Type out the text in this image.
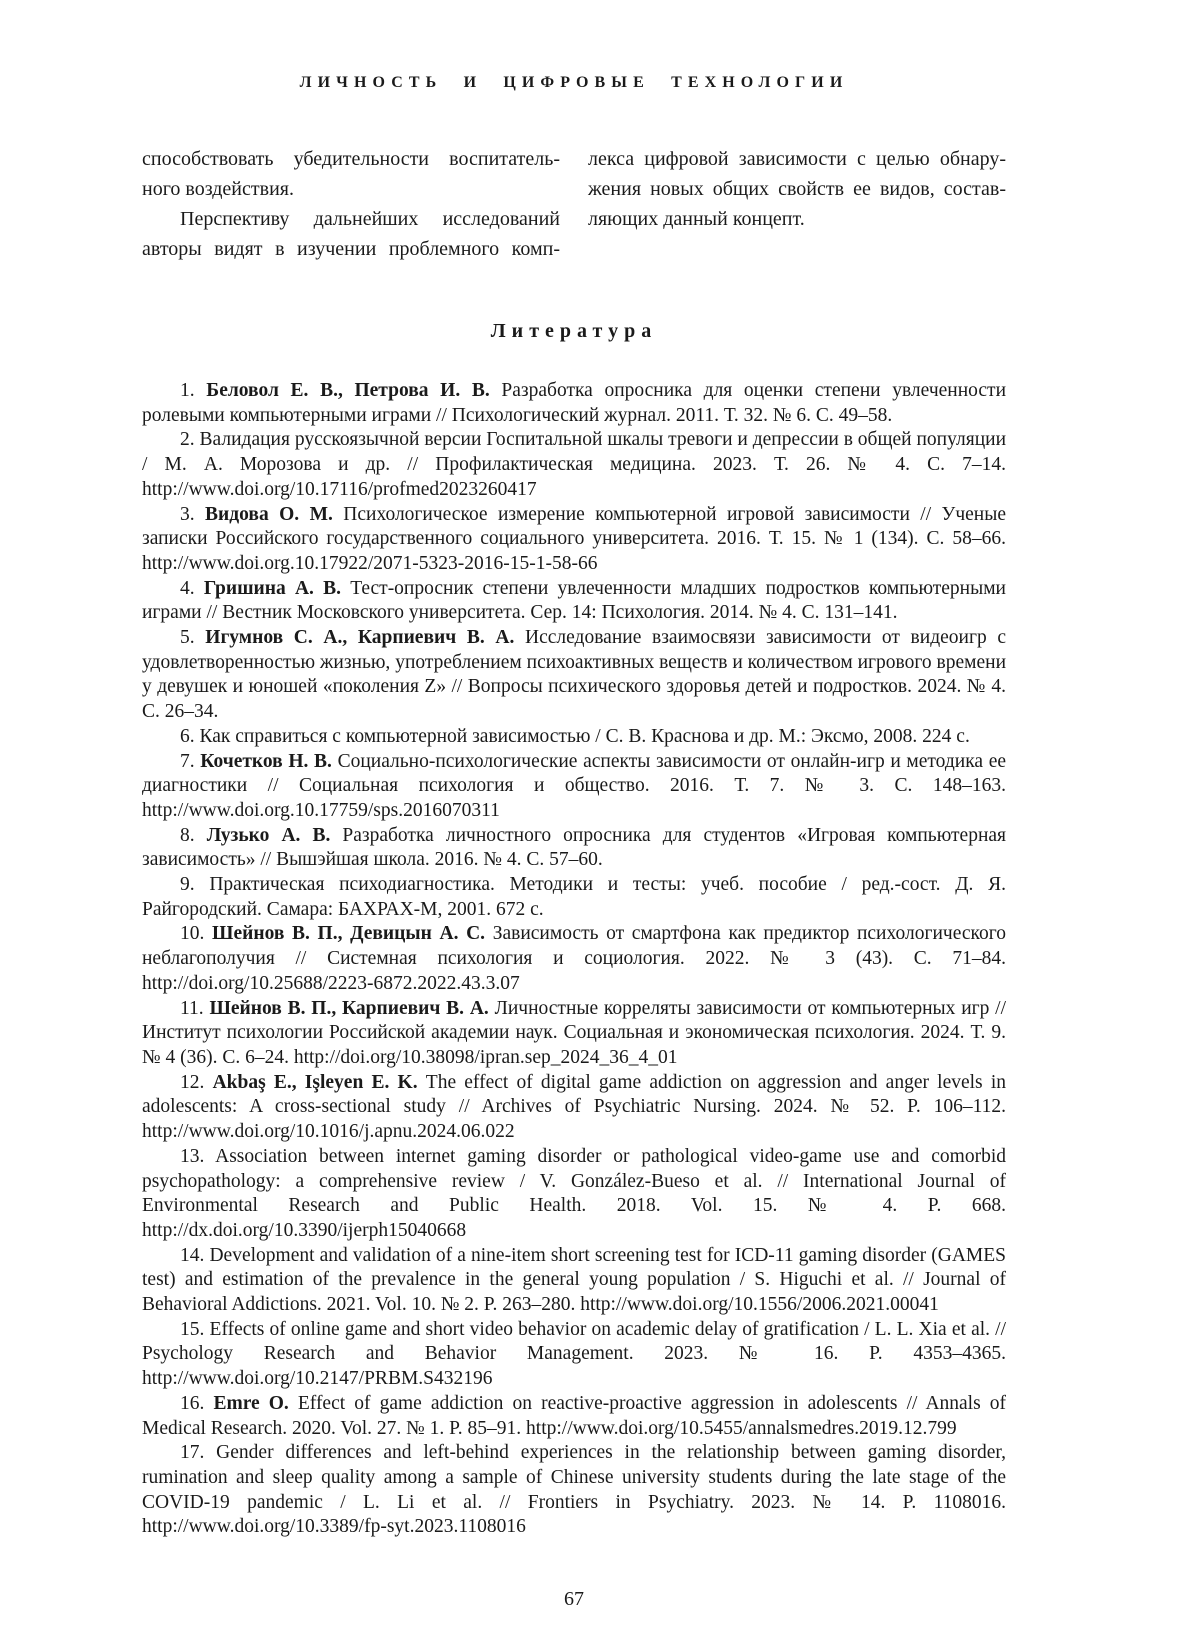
ЛИЧНОСТЬ И ЦИФРОВЫЕ ТЕХНОЛОГИИ
способствовать убедительности воспитатель-
ного воздействия.
Перспективу дальнейших исследований
авторы видят в изучении проблемного комп-
лекса цифровой зависимости с целью обнару-
жения новых общих свойств ее видов, состав-
ляющих данный концепт.
Литература

1. Беловол Е. В., Петрова И. В. Разработка опросника для оценки степени увлеченности ролевыми компьютерными играми // Психологический журнал. 2011. Т. 32. № 6. С. 49–58.

2. Валидация русскоязычной версии Госпитальной шкалы тревоги и депрессии в общей популяции / М. А. Морозова и др. // Профилактическая медицина. 2023. Т. 26. № 4. С. 7–14. http://www.doi.org/10.17116/profmed2023260417

3. Видова О. М. Психологическое измерение компьютерной игровой зависимости // Ученые записки Российского государственного социального университета. 2016. Т. 15. № 1 (134). С. 58–66. http://www.doi.org.10.17922/2071-5323-2016-15-1-58-66

4. Гришина А. В. Тест-опросник степени увлеченности младших подростков компьютерными играми // Вестник Московского университета. Сер. 14: Психология. 2014. № 4. С. 131–141.

5. Игумнов С. А., Карпиевич В. А. Исследование взаимосвязи зависимости от видеоигр с удовлетворенностью жизнью, употреблением психоактивных веществ и количеством игрового времени у девушек и юношей «поколения Z» // Вопросы психического здоровья детей и подростков. 2024. № 4. С. 26–34.

6. Как справиться с компьютерной зависимостью / С. В. Краснова и др. М.: Эксмо, 2008. 224 с.

7. Кочетков Н. В. Социально-психологические аспекты зависимости от онлайн-игр и методика ее диагностики // Социальная психология и общество. 2016. Т. 7. № 3. С. 148–163. http://www.doi.org.10.17759/sps.2016070311

8. Лузько А. В. Разработка личностного опросника для студентов «Игровая компьютерная зависимость» // Вышэйшая школа. 2016. № 4. С. 57–60.

9. Практическая психодиагностика. Методики и тесты: учеб. пособие / ред.-сост. Д. Я. Райгородский. Самара: БАХРАХ-М, 2001. 672 с.

10. Шейнов В. П., Девицын А. С. Зависимость от смартфона как предиктор психологического неблагополучия // Системная психология и социология. 2022. № 3 (43). С. 71–84. http://doi.org/10.25688/2223-6872.2022.43.3.07

11. Шейнов В. П., Карпиевич В. А. Личностные корреляты зависимости от компьютерных игр // Институт психологии Российской академии наук. Социальная и экономическая психология. 2024. Т. 9. № 4 (36). С. 6–24. http://doi.org/10.38098/ipran.sep_2024_36_4_01

12. Akbaş E., Işleyen E. K. The effect of digital game addiction on aggression and anger levels in adolescents: A cross-sectional study // Archives of Psychiatric Nursing. 2024. № 52. P. 106–112. http://www.doi.org/10.1016/j.apnu.2024.06.022

13. Association between internet gaming disorder or pathological video-game use and comorbid psychopathology: a comprehensive review / V. González-Bueso et al. // International Journal of Environmental Research and Public Health. 2018. Vol. 15. № 4. P. 668. http://dx.doi.org/10.3390/ijerph15040668

14. Development and validation of a nine-item short screening test for ICD-11 gaming disorder (GAMES test) and estimation of the prevalence in the general young population / S. Higuchi et al. // Journal of Behavioral Addictions. 2021. Vol. 10. № 2. P. 263–280. http://www.doi.org/10.1556/2006.2021.00041

15. Effects of online game and short video behavior on academic delay of gratification / L. L. Xia et al. // Psychology Research and Behavior Management. 2023. № 16. P. 4353–4365. http://www.doi.org/10.2147/PRBM.S432196

16. Emre O. Effect of game addiction on reactive-proactive aggression in adolescents // Annals of Medical Research. 2020. Vol. 27. № 1. P. 85–91. http://www.doi.org/10.5455/annalsmedres.2019.12.799

17. Gender differences and left-behind experiences in the relationship between gaming disorder, rumination and sleep quality among a sample of Chinese university students during the late stage of the COVID-19 pandemic / L. Li et al. // Frontiers in Psychiatry. 2023. № 14. P. 1108016. http://www.doi.org/10.3389/fp-syt.2023.1108016

67
